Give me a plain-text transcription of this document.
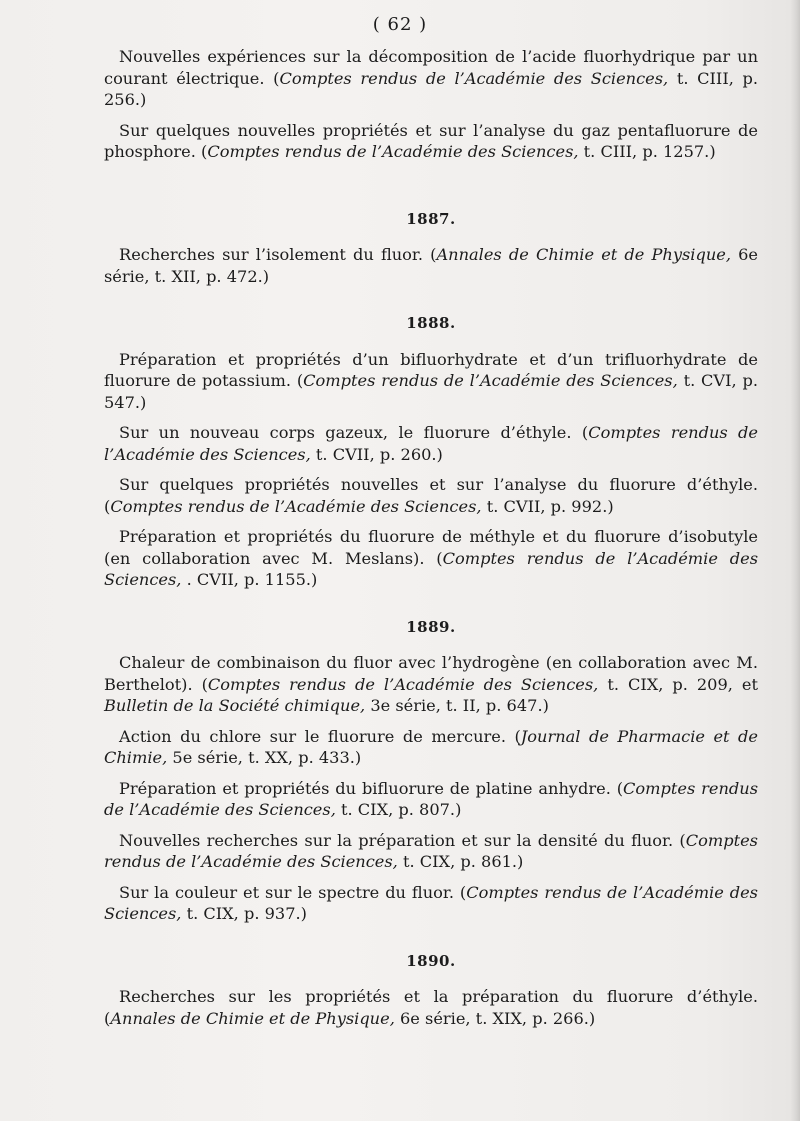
( 62 )

Nouvelles expériences sur la décomposition de l’acide fluorhydrique par un courant électrique. (Comptes rendus de l’Académie des Sciences, t. CIII, p. 256.)

Sur quelques nouvelles propriétés et sur l’analyse du gaz pentafluorure de phosphore. (Comptes rendus de l’Académie des Sciences, t. CIII, p. 1257.)

1887.

Recherches sur l’isolement du fluor. (Annales de Chimie et de Physique, 6e série, t. XII, p. 472.)

1888.

Préparation et propriétés d’un bifluorhydrate et d’un trifluorhydrate de fluorure de potassium. (Comptes rendus de l’Académie des Sciences, t. CVI, p. 547.)

Sur un nouveau corps gazeux, le fluorure d’éthyle. (Comptes rendus de l’Académie des Sciences, t. CVII, p. 260.)

Sur quelques propriétés nouvelles et sur l’analyse du fluorure d’éthyle. (Comptes rendus de l’Académie des Sciences, t. CVII, p. 992.)

Préparation et propriétés du fluorure de méthyle et du fluorure d’isobutyle (en collaboration avec M. Meslans). (Comptes rendus de l’Académie des Sciences, . CVII, p. 1155.)

1889.

Chaleur de combinaison du fluor avec l’hydrogène (en collaboration avec M. Berthelot). (Comptes rendus de l’Académie des Sciences, t. CIX, p. 209, et Bulletin de la Société chimique, 3e série, t. II, p. 647.)

Action du chlore sur le fluorure de mercure. (Journal de Pharmacie et de Chimie, 5e série, t. XX, p. 433.)

Préparation et propriétés du bifluorure de platine anhydre. (Comptes rendus de l’Académie des Sciences, t. CIX, p. 807.)

Nouvelles recherches sur la préparation et sur la densité du fluor. (Comptes rendus de l’Académie des Sciences, t. CIX, p. 861.)

Sur la couleur et sur le spectre du fluor. (Comptes rendus de l’Académie des Sciences, t. CIX, p. 937.)

1890.

Recherches sur les propriétés et la préparation du fluorure d’éthyle. (Annales de Chimie et de Physique, 6e série, t. XIX, p. 266.)
